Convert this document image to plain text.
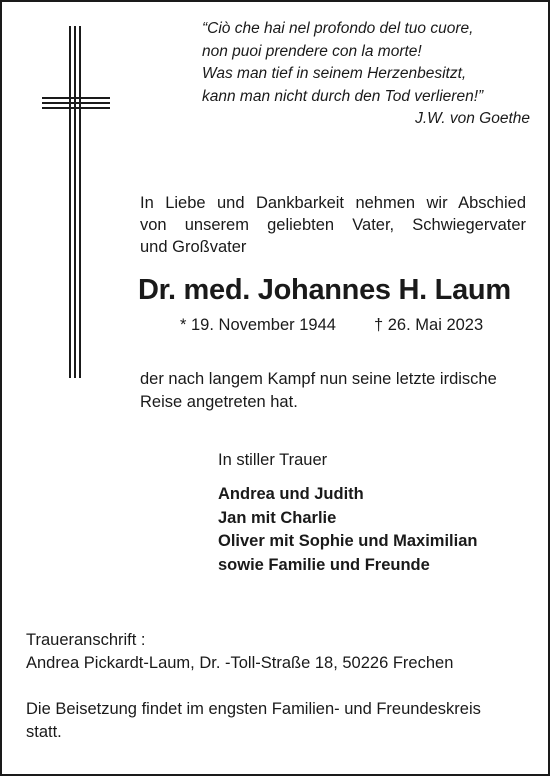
“Ciò che hai nel profondo del tuo cuore,
non puoi prendere con la morte!
Was man tief in seinem Herzenbesitzt,
kann man nicht durch den Tod verlieren!”
J.W. von Goethe
In Liebe und Dankbarkeit nehmen wir Abschied
von unserem geliebten Vater, Schwiegervater
und Großvater
Dr. med. Johannes H. Laum
* 19. November 1944 † 26. Mai 2023
der nach langem Kampf nun seine letzte irdische
Reise angetreten hat.
In stiller Trauer
Andrea und Judith
Jan mit Charlie
Oliver mit Sophie und Maximilian
sowie Familie und Freunde
Traueranschrift :
Andrea Pickardt-Laum, Dr. -Toll-Straße 18, 50226 Frechen
Die Beisetzung findet im engsten Familien- und Freundeskreis statt.
